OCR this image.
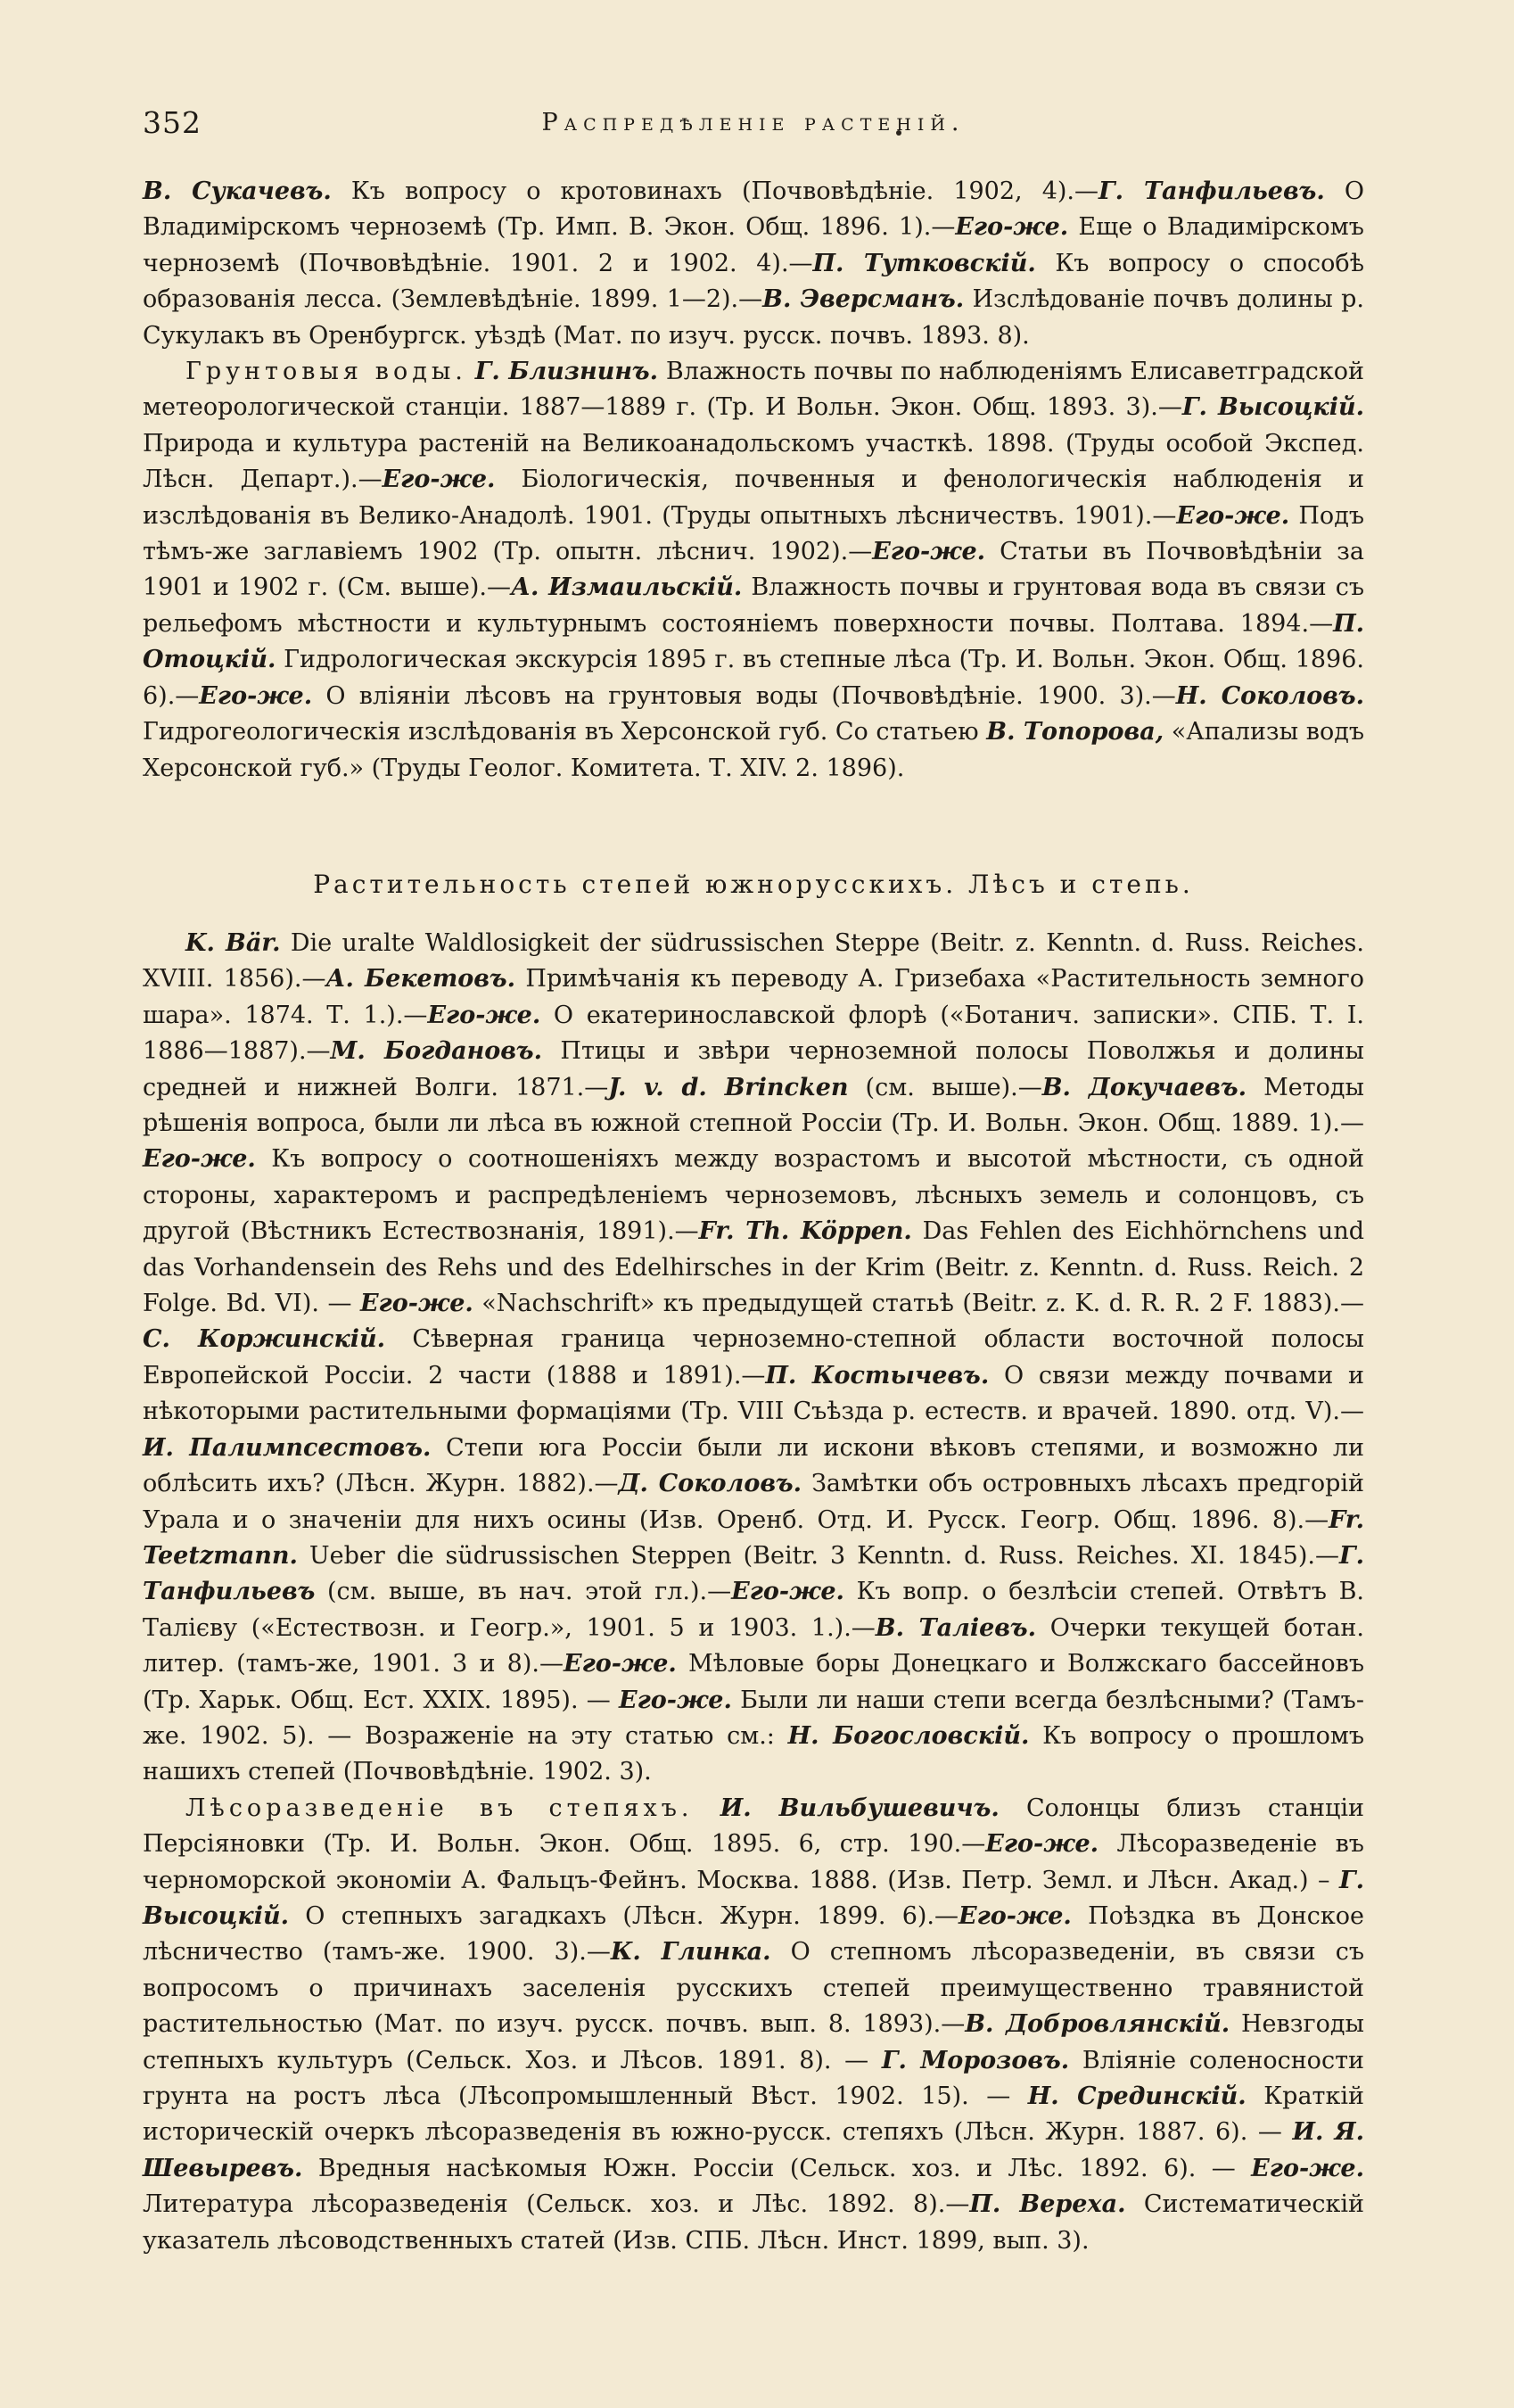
352	Распредѣленіе растеній.

В. Сукачевъ. Къ вопросу о кротовинахъ (Почвовѣдѣніе. 1902, 4).—Г. Танфильевъ. О Владимірскомъ черноземѣ (Тр. Имп. В. Экон. Общ. 1896. 1).—Его-же. Еще о Владимірскомъ черноземѣ (Почвовѣдѣніе. 1901. 2 и 1902. 4).—П. Тутковскій. Къ вопросу о способѣ образованія лесса. (Землевѣдѣніе. 1899. 1—2).—В. Эверсманъ. Изслѣдованіе почвъ долины р. Сукулакъ въ Оренбургск. уѣздѣ (Мат. по изуч. русск. почвъ. 1893. 8).

Грунтовыя воды. Г. Близнинъ. Влажность почвы по наблюденіямъ Елисаветградской метеорологической станціи. 1887—1889 г. (Тр. И Вольн. Экон. Общ. 1893. 3).—Г. Высоцкій. Природа и культура растеній на Великоанадольскомъ участкѣ. 1898. (Труды особой Экспед. Лѣсн. Департ.).—Его-же. Біологическія, почвенныя и фенологическія наблюденія и изслѣдованія въ Велико-Анадолѣ. 1901. (Труды опытныхъ лѣсничествъ. 1901).—Его-же. Подъ тѣмъ-же заглавіемъ 1902 (Тр. опытн. лѣснич. 1902).—Его-же. Статьи въ Почвовѣдѣніи за 1901 и 1902 г. (См. выше).—А. Измаильскій. Влажность почвы и грунтовая вода въ связи съ рельефомъ мѣстности и культурнымъ состояніемъ поверхности почвы. Полтава. 1894.—П. Отоцкій. Гидрологическая экскурсія 1895 г. въ степные лѣса (Тр. И. Вольн. Экон. Общ. 1896. 6).—Его-же. О вліяніи лѣсовъ на грунтовыя воды (Почвовѣдѣніе. 1900. 3).—Н. Соколовъ. Гидрогеологическія изслѣдованія въ Херсонской губ. Со статьею В. Топорова, «Апализы водъ Херсонской губ.» (Труды Геолог. Комитета. Т. XIV. 2. 1896).

Растительность степей южнорусскихъ. Лѣсъ и степь.

K. Bär. Die uralte Waldlosigkeit der südrussischen Steppe (Beitr. z. Kenntn. d. Russ. Reiches. XVIII. 1856).—А. Бекетовъ. Примѣчанія къ переводу А. Гризебаха «Растительность земного шара». 1874. Т. 1.).—Его-же. О екатеринославской флорѣ («Ботанич. записки». СПБ. Т. I. 1886—1887).—М. Богдановъ. Птицы и звѣри черноземной полосы Поволжья и долины средней и нижней Волги. 1871.—J. v. d. Brincken (см. выше).—В. Докучаевъ. Методы рѣшенія вопроса, были ли лѣса въ южной степной Россіи (Тр. И. Вольн. Экон. Общ. 1889. 1).—Его-же. Къ вопросу о соотношеніяхъ между возрастомъ и высотой мѣстности, съ одной стороны, характеромъ и распредѣленіемъ черноземовъ, лѣсныхъ земель и солонцовъ, съ другой (Вѣстникъ Естествознанія, 1891).—Fr. Th. Köppen. Das Fehlen des Eichhörnchens und das Vorhandensein des Rehs und des Edelhirsches in der Krim (Beitr. z. Kenntn. d. Russ. Reich. 2 Folge. Bd. VI). — Его-же. «Nachschrift» къ предыдущей статьѣ (Beitr. z. K. d. R. R. 2 F. 1883).—С. Коржинскій. Сѣверная граница черноземно-степной области восточной полосы Европейской Россіи. 2 части (1888 и 1891).—П. Костычевъ. О связи между почвами и нѣкоторыми растительными формаціями (Тр. VIII Съѣзда р. естеств. и врачей. 1890. отд. V).—И. Палимпсестовъ. Степи юга Россіи были ли искони вѣковъ степями, и возможно ли облѣсить ихъ? (Лѣсн. Журн. 1882).—Д. Соколовъ. Замѣтки объ островныхъ лѣсахъ предгорій Урала и о значеніи для нихъ осины (Изв. Оренб. Отд. И. Русск. Геогр. Общ. 1896. 8).—Fr. Teetzmann. Ueber die südrussischen Steppen (Beitr. 3 Kenntn. d. Russ. Reiches. XI. 1845).—Г. Танфильевъ (см. выше, въ нач. этой гл.).—Его-же. Къ вопр. о безлѣсіи степей. Отвѣтъ В. Талієву («Естествозн. и Геогр.», 1901. 5 и 1903. 1.).—В. Таліевъ. Очерки текущей ботан. литер. (тамъ-же, 1901. 3 и 8).—Его-же. Мѣловые боры Донецкаго и Волжскаго бассейновъ (Тр. Харьк. Общ. Ест. XXIX. 1895). — Его-же. Были ли наши степи всегда безлѣсными? (Тамъ-же. 1902. 5). — Возраженіе на эту статью см.: Н. Богословскій. Къ вопросу о прошломъ нашихъ степей (Почвовѣдѣніе. 1902. 3).

Лѣсоразведеніе въ степяхъ. И. Вильбушевичъ. Солонцы близъ станціи Персіяновки (Тр. И. Вольн. Экон. Общ. 1895. 6, стр. 190.—Его-же. Лѣсоразведеніе въ черноморской экономіи А. Фальцъ-Фейнъ. Москва. 1888. (Изв. Петр. Земл. и Лѣсн. Акад.) – Г. Высоцкій. О степныхъ загадкахъ (Лѣсн. Журн. 1899. 6).—Его-же. Поѣздка въ Донское лѣсничество (тамъ-же. 1900. 3).—К. Глинка. О степномъ лѣсоразведеніи, въ связи съ вопросомъ о причинахъ заселенія русскихъ степей преимущественно травянистой растительностью (Мат. по изуч. русск. почвъ. вып. 8. 1893).—В. Добровлянскій. Невзгоды степныхъ культуръ (Сельск. Хоз. и Лѣсов. 1891. 8). — Г. Морозовъ. Вліяніе соленосности грунта на ростъ лѣса (Лѣсопромышленный Вѣст. 1902. 15). — Н. Срединскій. Краткій историческій очеркъ лѣсоразведенія въ южно-русск. степяхъ (Лѣсн. Журн. 1887. 6). — И. Я. Шевыревъ. Вредныя насѣкомыя Южн. Россіи (Сельск. хоз. и Лѣс. 1892. 6). — Его-же. Литература лѣсоразведенія (Сельск. хоз. и Лѣс. 1892. 8).—П. Вереха. Систематическій указатель лѣсоводственныхъ статей (Изв. СПБ. Лѣсн. Инст. 1899, вып. 3).
